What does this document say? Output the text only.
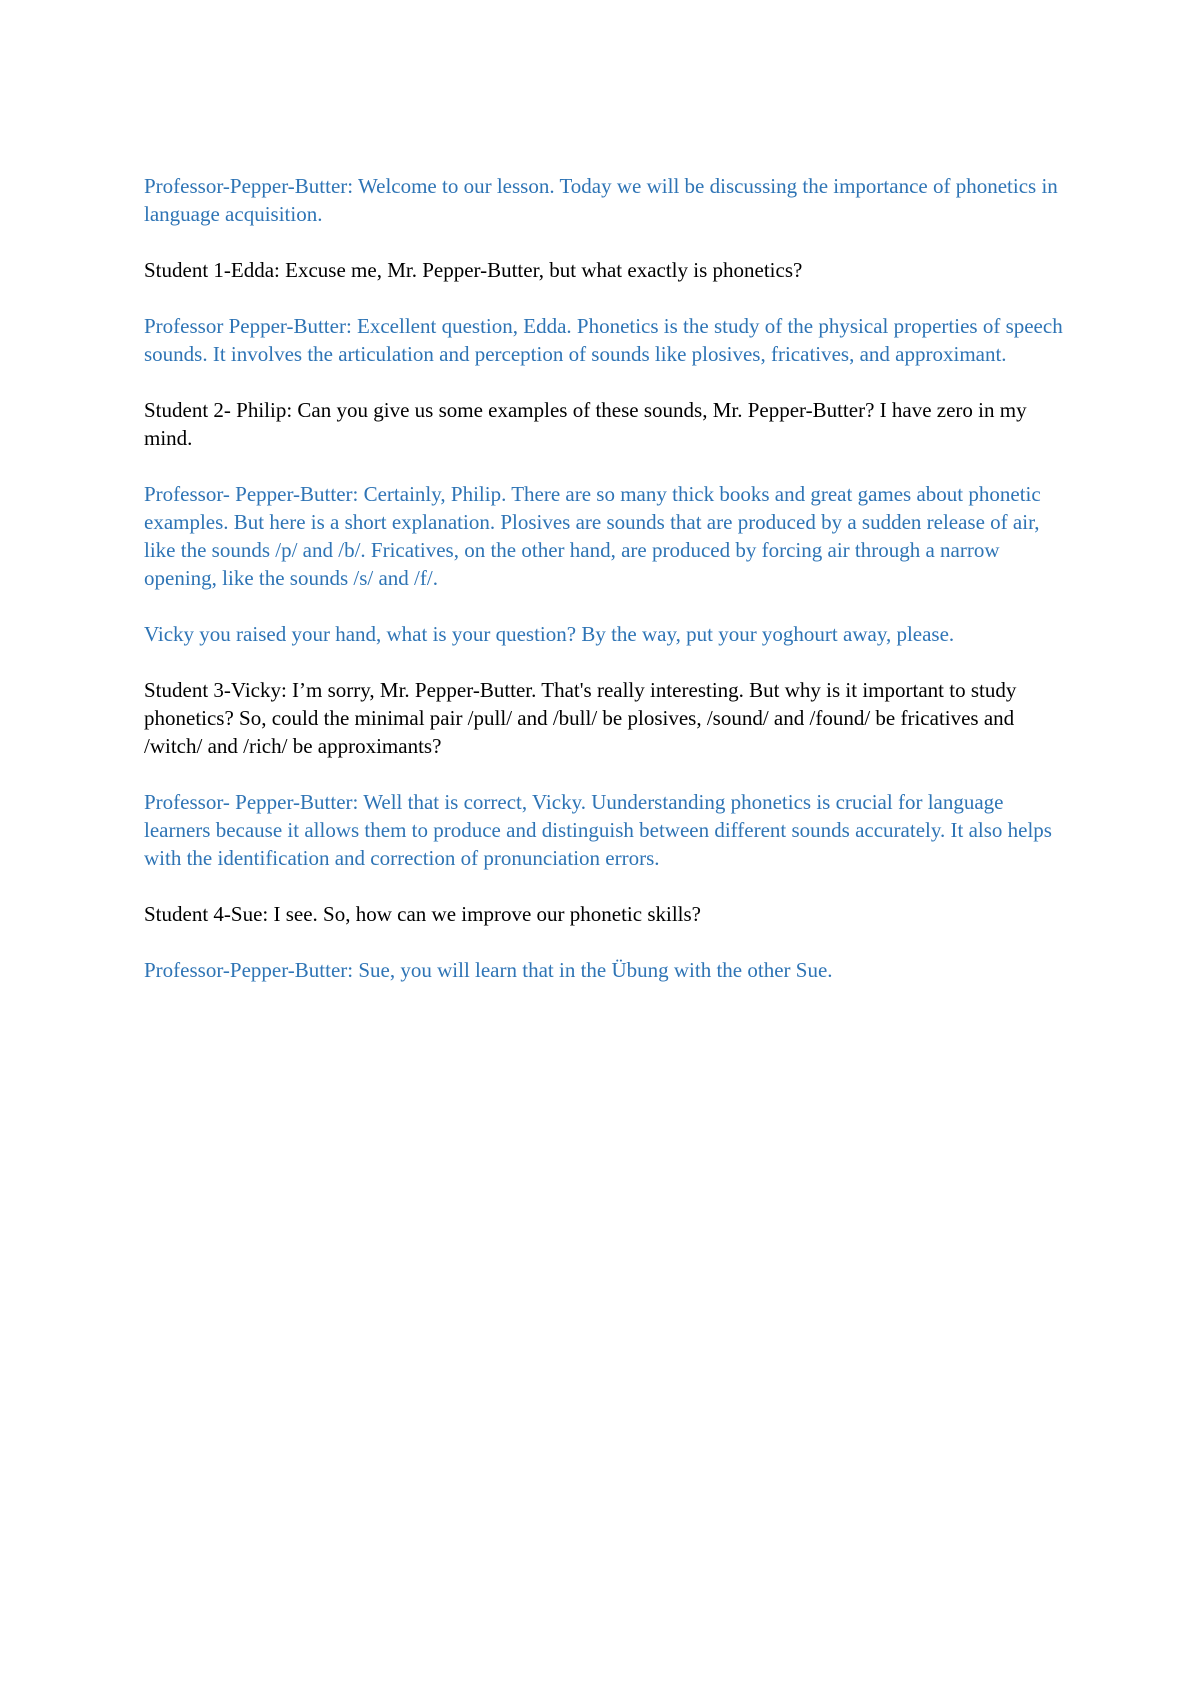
Professor-Pepper-Butter: Welcome to our lesson. Today we will be discussing the importance of phonetics in language acquisition.

Student 1-Edda: Excuse me, Mr. Pepper-Butter, but what exactly is phonetics?

Professor Pepper-Butter: Excellent question, Edda. Phonetics is the study of the physical properties of speech sounds. It involves the articulation and perception of sounds like plosives, fricatives, and approximant.

Student 2- Philip: Can you give us some examples of these sounds, Mr. Pepper-Butter? I have zero in my mind.

Professor- Pepper-Butter: Certainly, Philip. There are so many thick books and great games about phonetic examples. But here is a short explanation. Plosives are sounds that are produced by a sudden release of air, like the sounds /p/ and /b/. Fricatives, on the other hand, are produced by forcing air through a narrow opening, like the sounds /s/ and /f/.

Vicky you raised your hand, what is your question? By the way, put your yoghourt away, please.

Student 3-Vicky: I’m sorry, Mr. Pepper-Butter. That's really interesting. But why is it important to study phonetics? So, could the minimal pair /pull/ and /bull/ be plosives, /sound/ and /found/ be fricatives and /witch/ and /rich/ be approximants?

Professor- Pepper-Butter: Well that is correct, Vicky. Uunderstanding phonetics is crucial for language learners because it allows them to produce and distinguish between different sounds accurately. It also helps with the identification and correction of pronunciation errors.

Student 4-Sue: I see. So, how can we improve our phonetic skills?

Professor-Pepper-Butter: Sue, you will learn that in the Übung with the other Sue.
